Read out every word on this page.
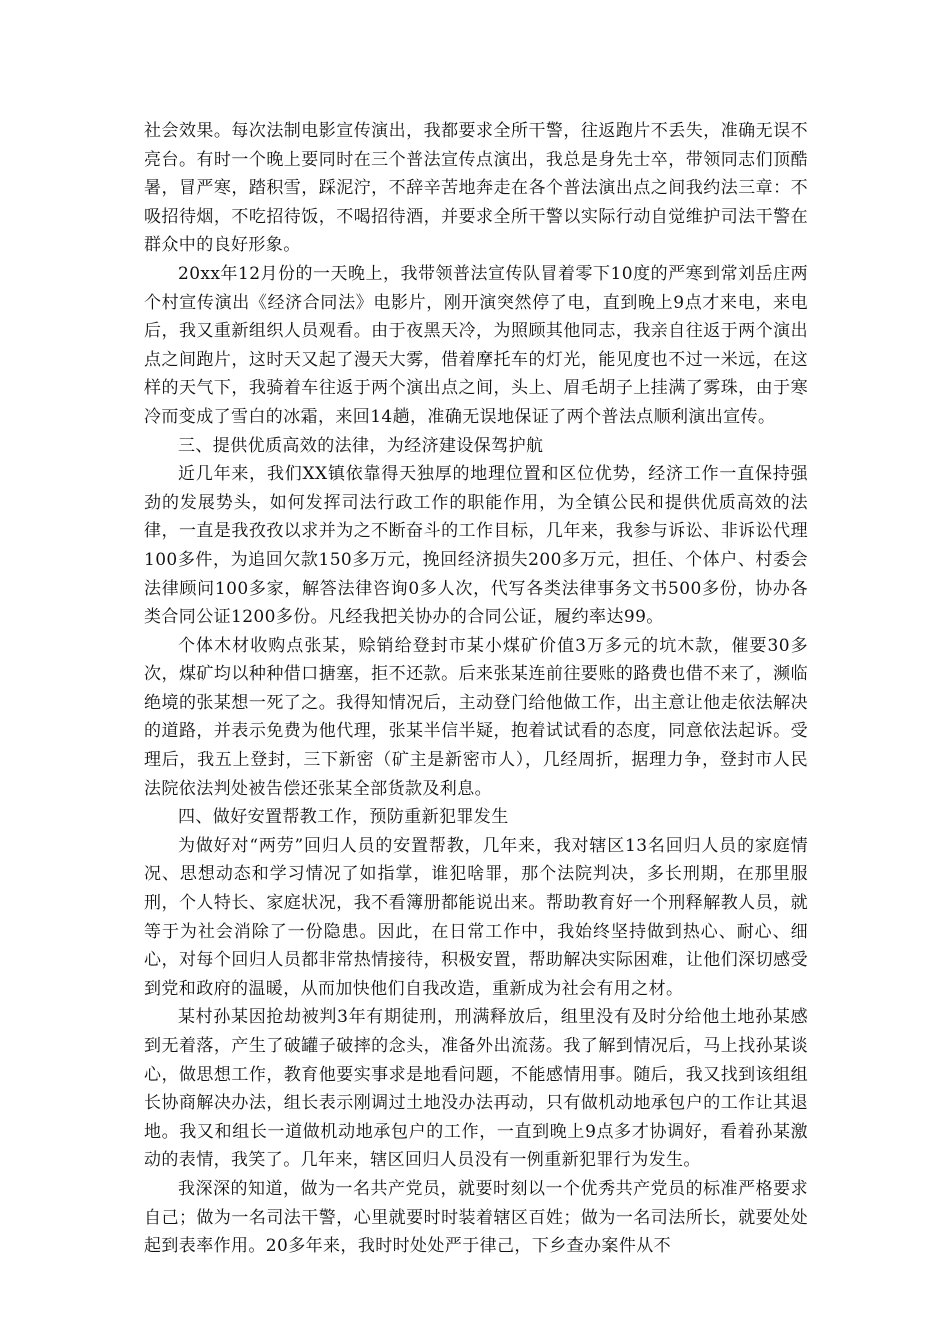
社会效果。每次法制电影宣传演出，我都要求全所干警，往返跑片不丢失，准确无误不亮台。有时一个晚上要同时在三个普法宣传点演出，我总是身先士卒，带领同志们顶酷暑，冒严寒，踏积雪，踩泥泞，不辞辛苦地奔走在各个普法演出点之间我约法三章：不吸招待烟，不吃招待饭，不喝招待酒，并要求全所干警以实际行动自觉维护司法干警在群众中的良好形象。

20xx年12月份的一天晚上，我带领普法宣传队冒着零下10度的严寒到常刘岳庄两个村宣传演出《经济合同法》电影片，刚开演突然停了电，直到晚上9点才来电，来电后，我又重新组织人员观看。由于夜黑天冷，为照顾其他同志，我亲自往返于两个演出点之间跑片，这时天又起了漫天大雾，借着摩托车的灯光，能见度也不过一米远，在这样的天气下，我骑着车往返于两个演出点之间，头上、眉毛胡子上挂满了雾珠，由于寒冷而变成了雪白的冰霜，来回14趟，准确无误地保证了两个普法点顺利演出宣传。

三、提供优质高效的法律，为经济建设保驾护航

近几年来，我们XX镇依靠得天独厚的地理位置和区位优势，经济工作一直保持强劲的发展势头，如何发挥司法行政工作的职能作用，为全镇公民和提供优质高效的法律，一直是我孜孜以求并为之不断奋斗的工作目标，几年来，我参与诉讼、非诉讼代理100多件，为追回欠款150多万元，挽回经济损失200多万元，担任、个体户、村委会法律顾问100多家，解答法律咨询0多人次，代写各类法律事务文书500多份，协办各类合同公证1200多份。凡经我把关协办的合同公证，履约率达99。

个体木材收购点张某，赊销给登封市某小煤矿价值3万多元的坑木款，催要30多次，煤矿均以种种借口搪塞，拒不还款。后来张某连前往要账的路费也借不来了，濒临绝境的张某想一死了之。我得知情况后，主动登门给他做工作，出主意让他走依法解决的道路，并表示免费为他代理，张某半信半疑，抱着试试看的态度，同意依法起诉。受理后，我五上登封，三下新密（矿主是新密市人），几经周折，据理力争，登封市人民法院依法判处被告偿还张某全部货款及利息。

四、做好安置帮教工作，预防重新犯罪发生

为做好对“两劳”回归人员的安置帮教，几年来，我对辖区13名回归人员的家庭情况、思想动态和学习情况了如指掌，谁犯啥罪，那个法院判决，多长刑期，在那里服刑，个人特长、家庭状况，我不看簿册都能说出来。帮助教育好一个刑释解教人员，就等于为社会消除了一份隐患。因此，在日常工作中，我始终坚持做到热心、耐心、细心，对每个回归人员都非常热情接待，积极安置，帮助解决实际困难，让他们深切感受到党和政府的温暖，从而加快他们自我改造，重新成为社会有用之材。

某村孙某因抢劫被判3年有期徒刑，刑满释放后，组里没有及时分给他土地孙某感到无着落，产生了破罐子破摔的念头，准备外出流荡。我了解到情况后，马上找孙某谈心，做思想工作，教育他要实事求是地看问题，不能感情用事。随后，我又找到该组组长协商解决办法，组长表示刚调过土地没办法再动，只有做机动地承包户的工作让其退地。我又和组长一道做机动地承包户的工作，一直到晚上9点多才协调好，看着孙某激动的表情，我笑了。几年来，辖区回归人员没有一例重新犯罪行为发生。

我深深的知道，做为一名共产党员，就要时刻以一个优秀共产党员的标准严格要求自己；做为一名司法干警，心里就要时时装着辖区百姓；做为一名司法所长，就要处处起到表率作用。20多年来，我时时处处严于律己，下乡查办案件从不
